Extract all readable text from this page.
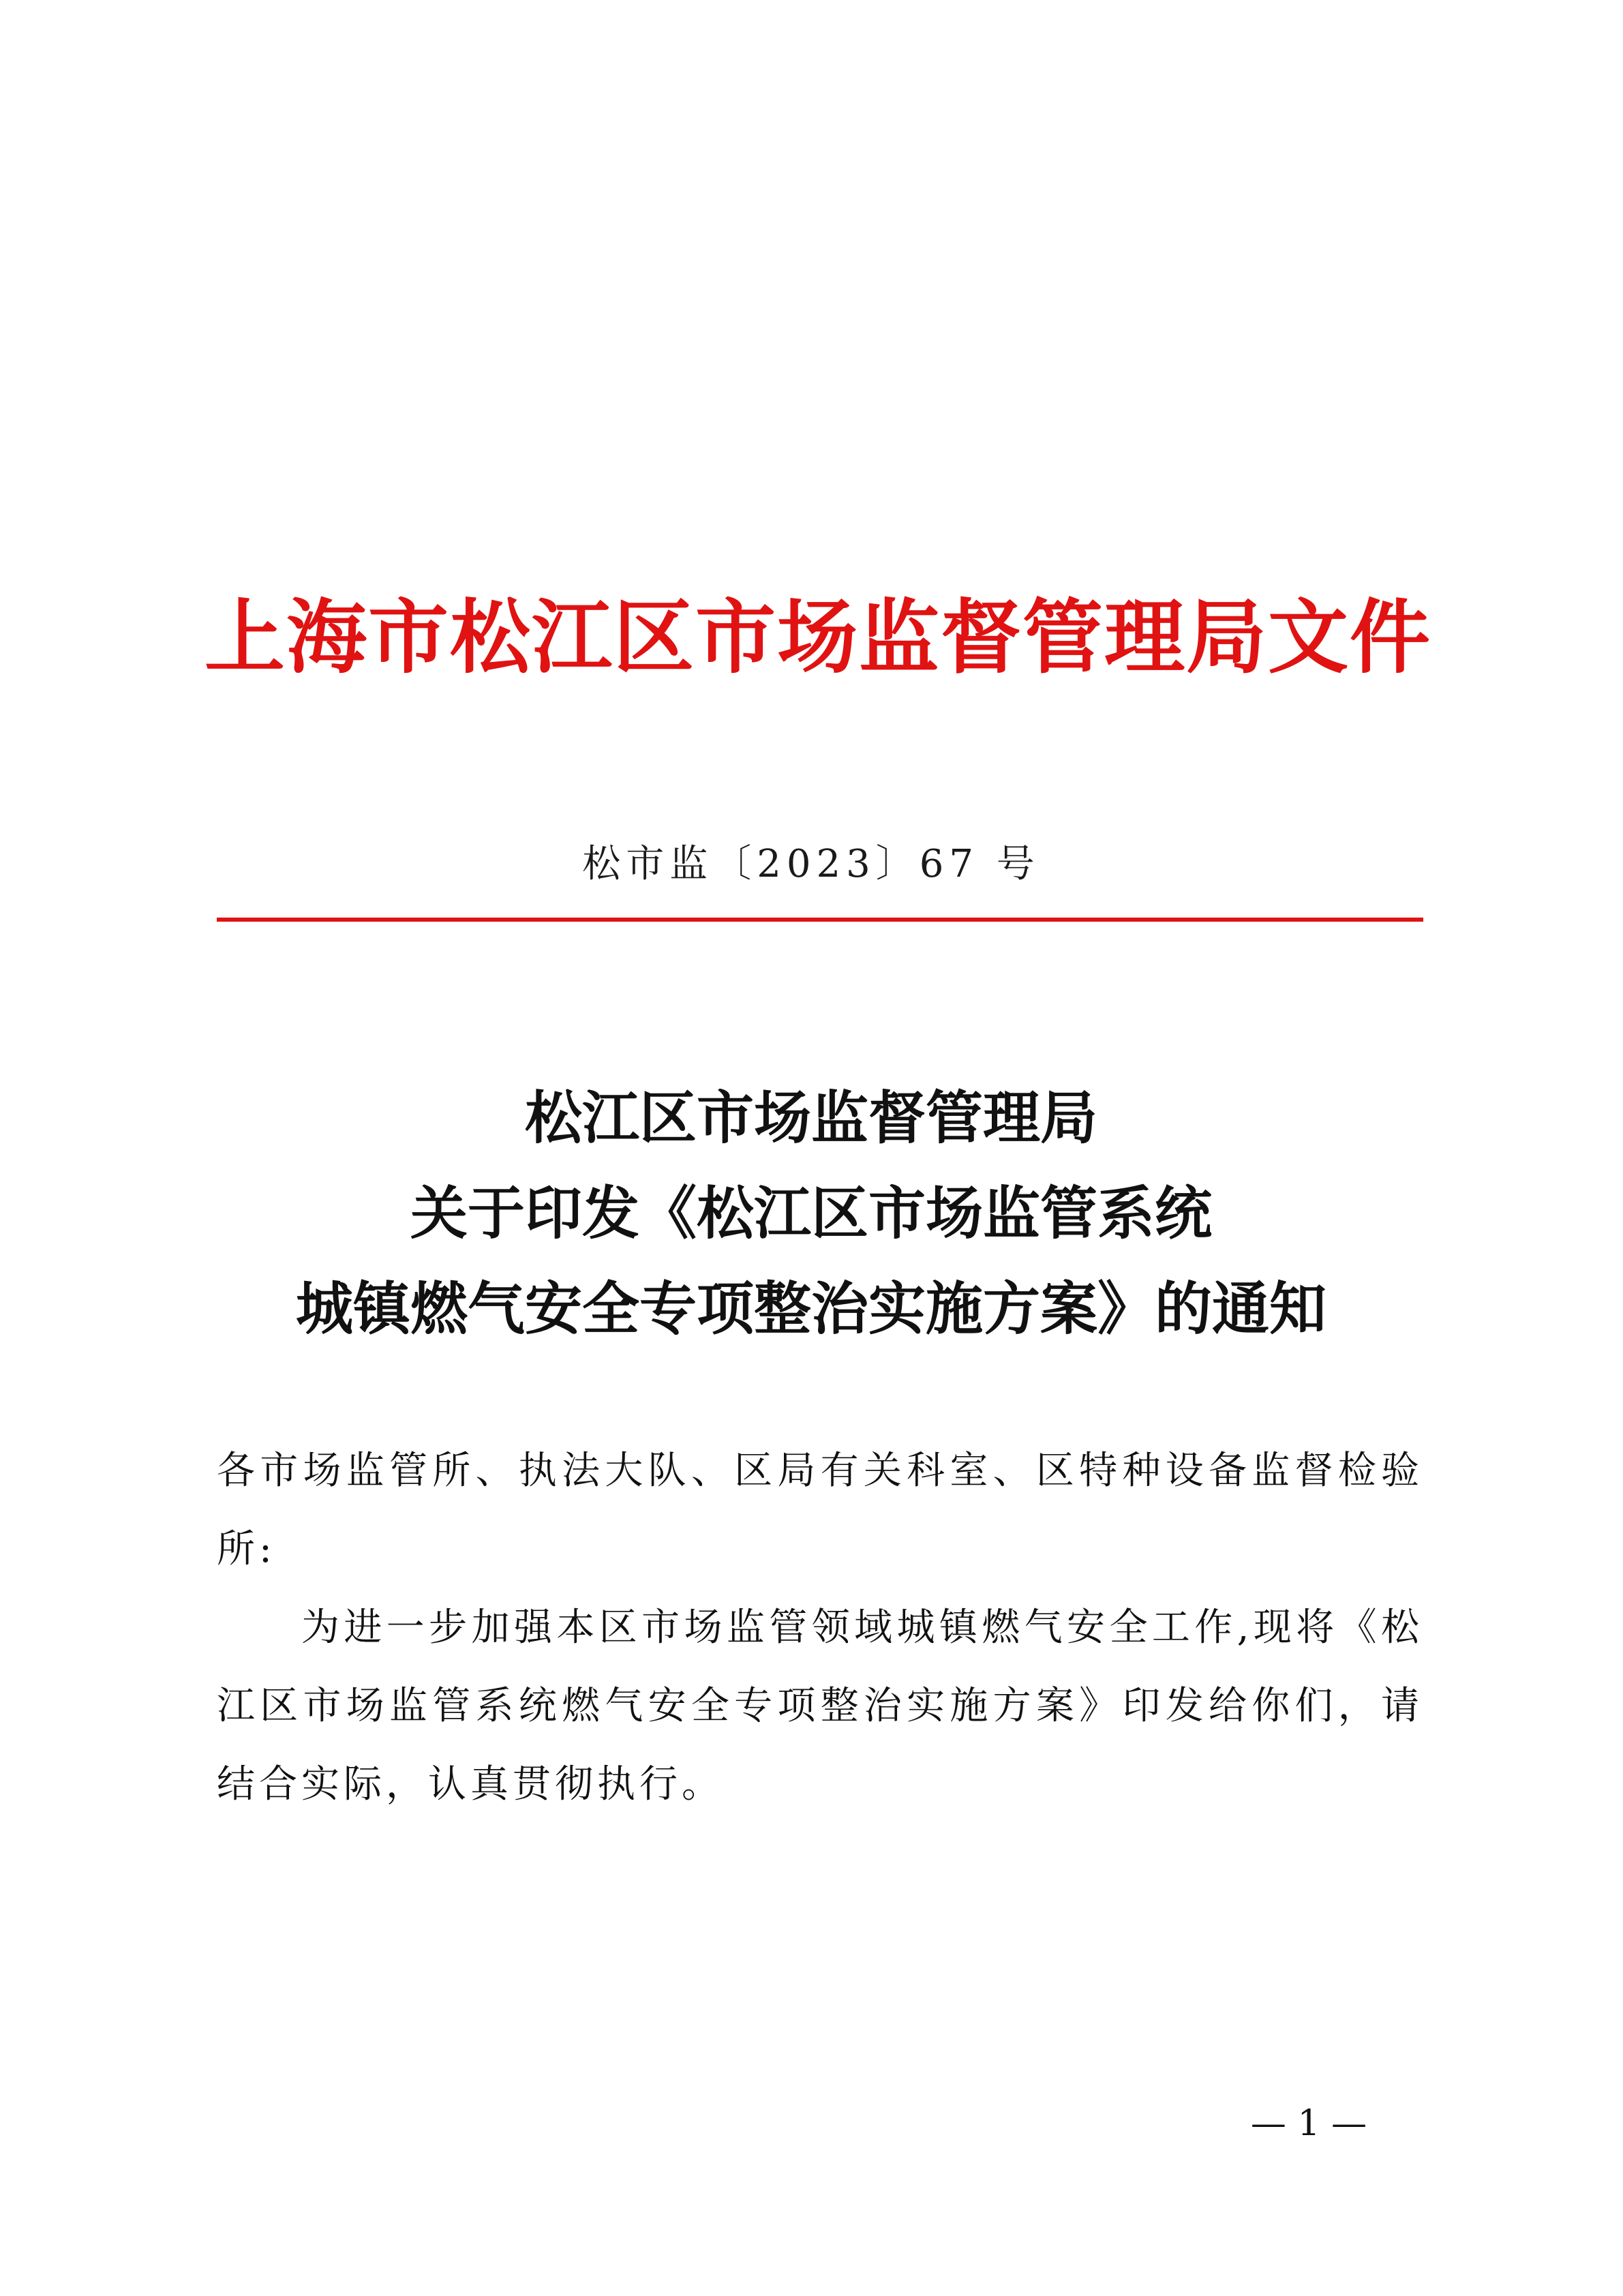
上海市松江区市场监督管理局文件
松市监〔2023〕67 号
松江区市场监督管理局
关于印发《松江区市场监管系统
城镇燃气安全专项整治实施方案》的通知

各市场监管所、执法大队、区局有关科室、区特种设备监督检验所:

为进一步加强本区市场监管领域城镇燃气安全工作,现将《松江区市场监管系统燃气安全专项整治实施方案》印发给你们，请结合实际，认真贯彻执行。

— 1 —
